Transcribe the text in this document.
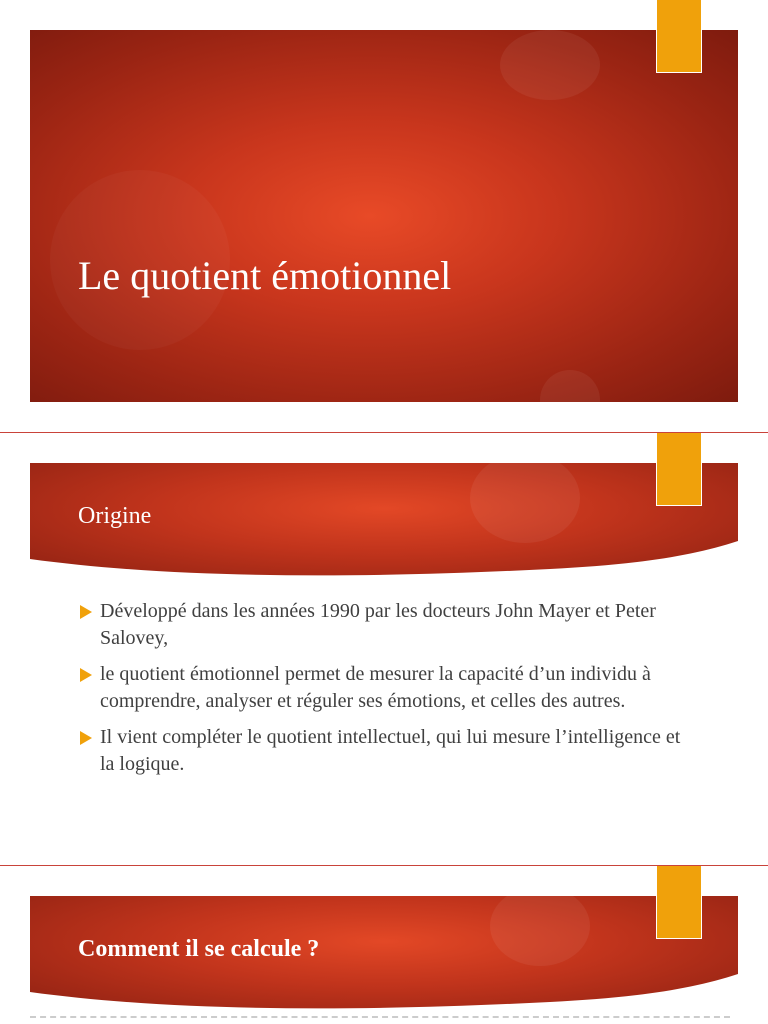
Le quotient émotionnel
Origine
Développé dans les années 1990 par les docteurs John Mayer et Peter Salovey,
le quotient émotionnel permet de mesurer la capacité d’un individu à comprendre, analyser et réguler ses émotions, et celles des autres.
Il vient compléter le quotient intellectuel, qui lui mesure l’intelligence et la logique.
Comment il se calcule ?
